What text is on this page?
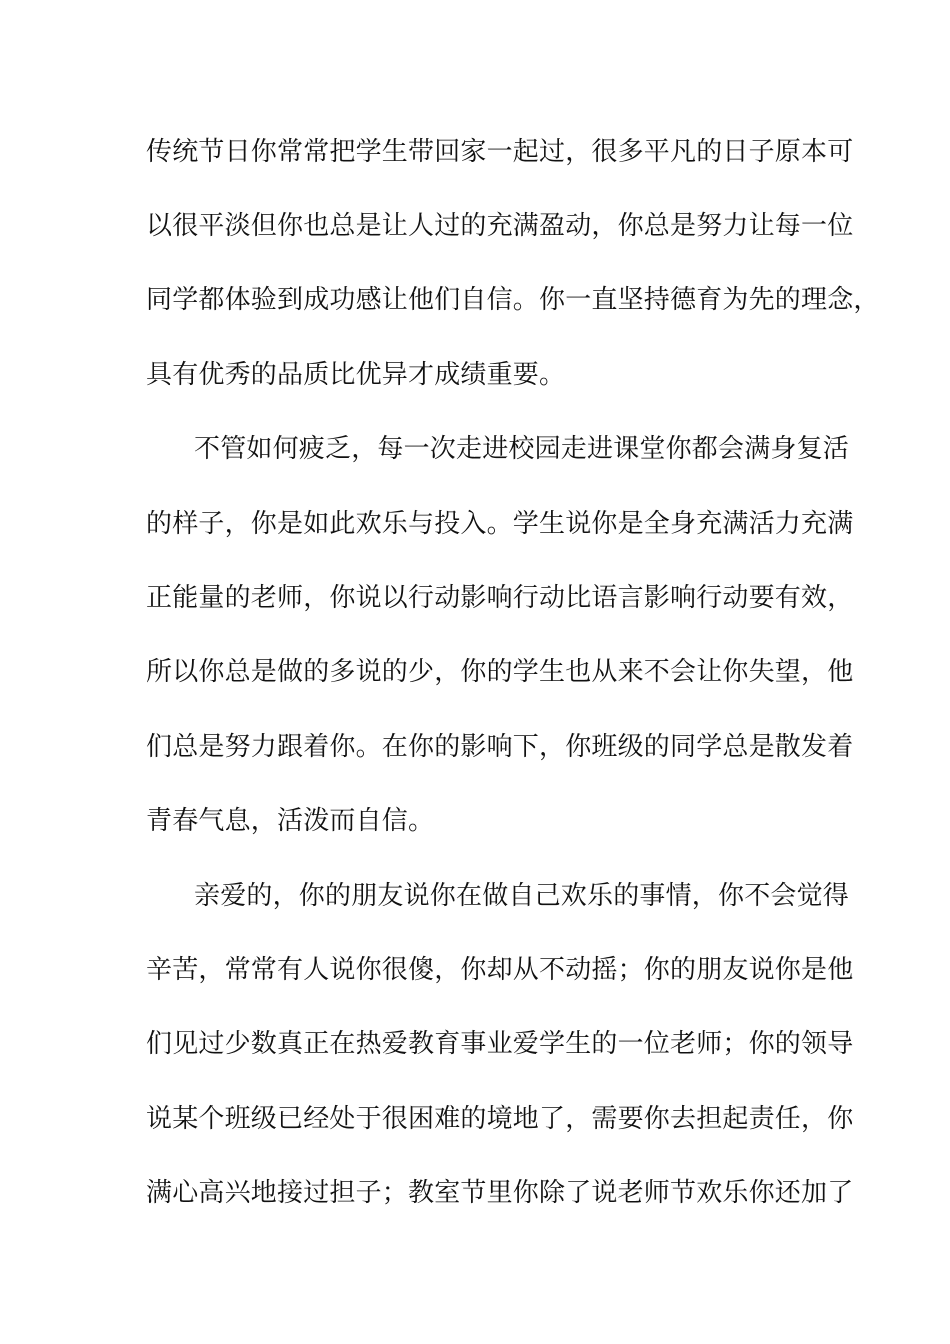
传统节日你常常把学生带回家一起过，很多平凡的日子原本可
以很平淡但你也总是让人过的充满盈动，你总是努力让每一位
同学都体验到成功感让他们自信。你一直坚持德育为先的理念，
具有优秀的品质比优异才成绩重要。
不管如何疲乏，每一次走进校园走进课堂你都会满身复活
的样子，你是如此欢乐与投入。学生说你是全身充满活力充满
正能量的老师，你说以行动影响行动比语言影响行动要有效，
所以你总是做的多说的少，你的学生也从来不会让你失望，他
们总是努力跟着你。在你的影响下，你班级的同学总是散发着
青春气息，活泼而自信。
亲爱的，你的朋友说你在做自己欢乐的事情，你不会觉得
辛苦，常常有人说你很傻，你却从不动摇；你的朋友说你是他
们见过少数真正在热爱教育事业爱学生的一位老师；你的领导
说某个班级已经处于很困难的境地了，需要你去担起责任，你
满心高兴地接过担子；教室节里你除了说老师节欢乐你还加了
